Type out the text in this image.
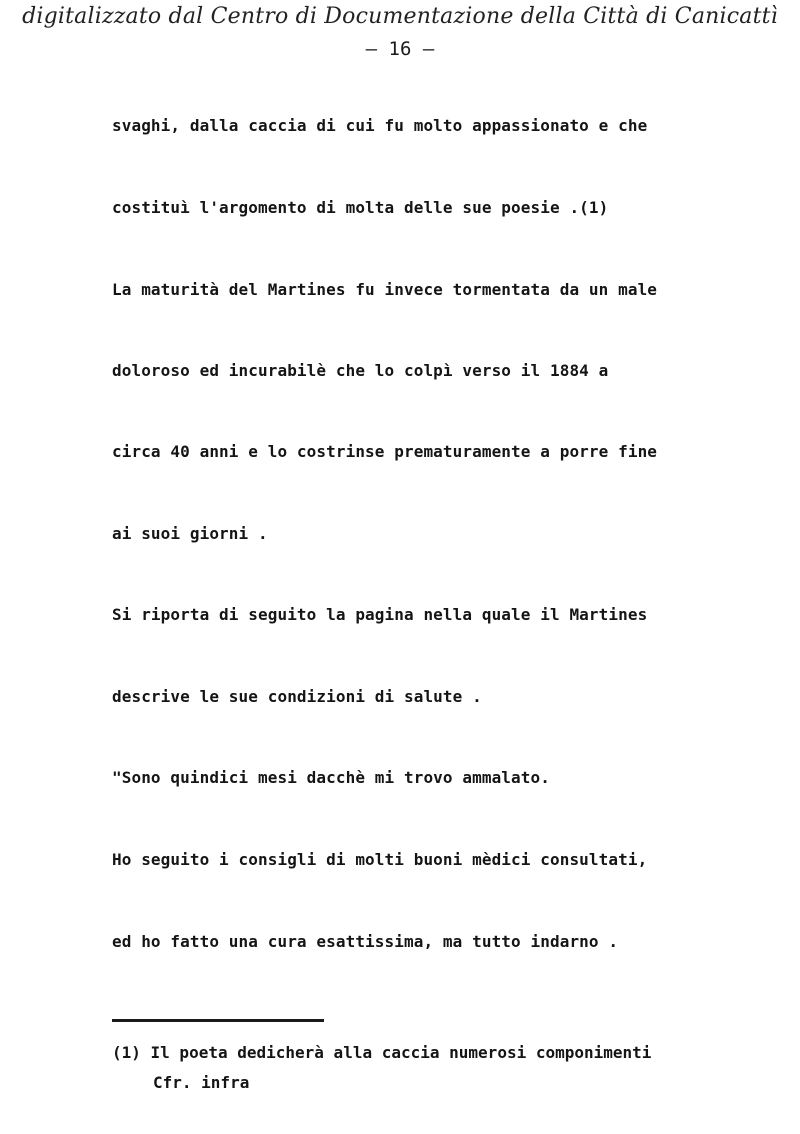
digitalizzato dal Centro di Documentazione della Città di Canicattì
– 16 –
svaghi, dalla caccia di cui fu molto appassionato e che
costituì l'argomento di molta delle sue poesie .(1)
La maturità del Martines fu invece tormentata da un male
doloroso ed incurabilè che lo colpì verso il 1884 a
circa 40 anni e lo costrinse prematuramente a porre fine
ai suoi giorni .
Si riporta di seguito la pagina nella quale il Martines
descrive le sue condizioni di salute .
"Sono quindici mesi dacchè mi trovo ammalato.
Ho seguito i consigli di molti buoni mèdici consultati,
ed ho fatto una cura esattissima, ma tutto indarno .
(1) Il poeta dedicherà alla caccia numerosi componimenti
Cfr. infra
